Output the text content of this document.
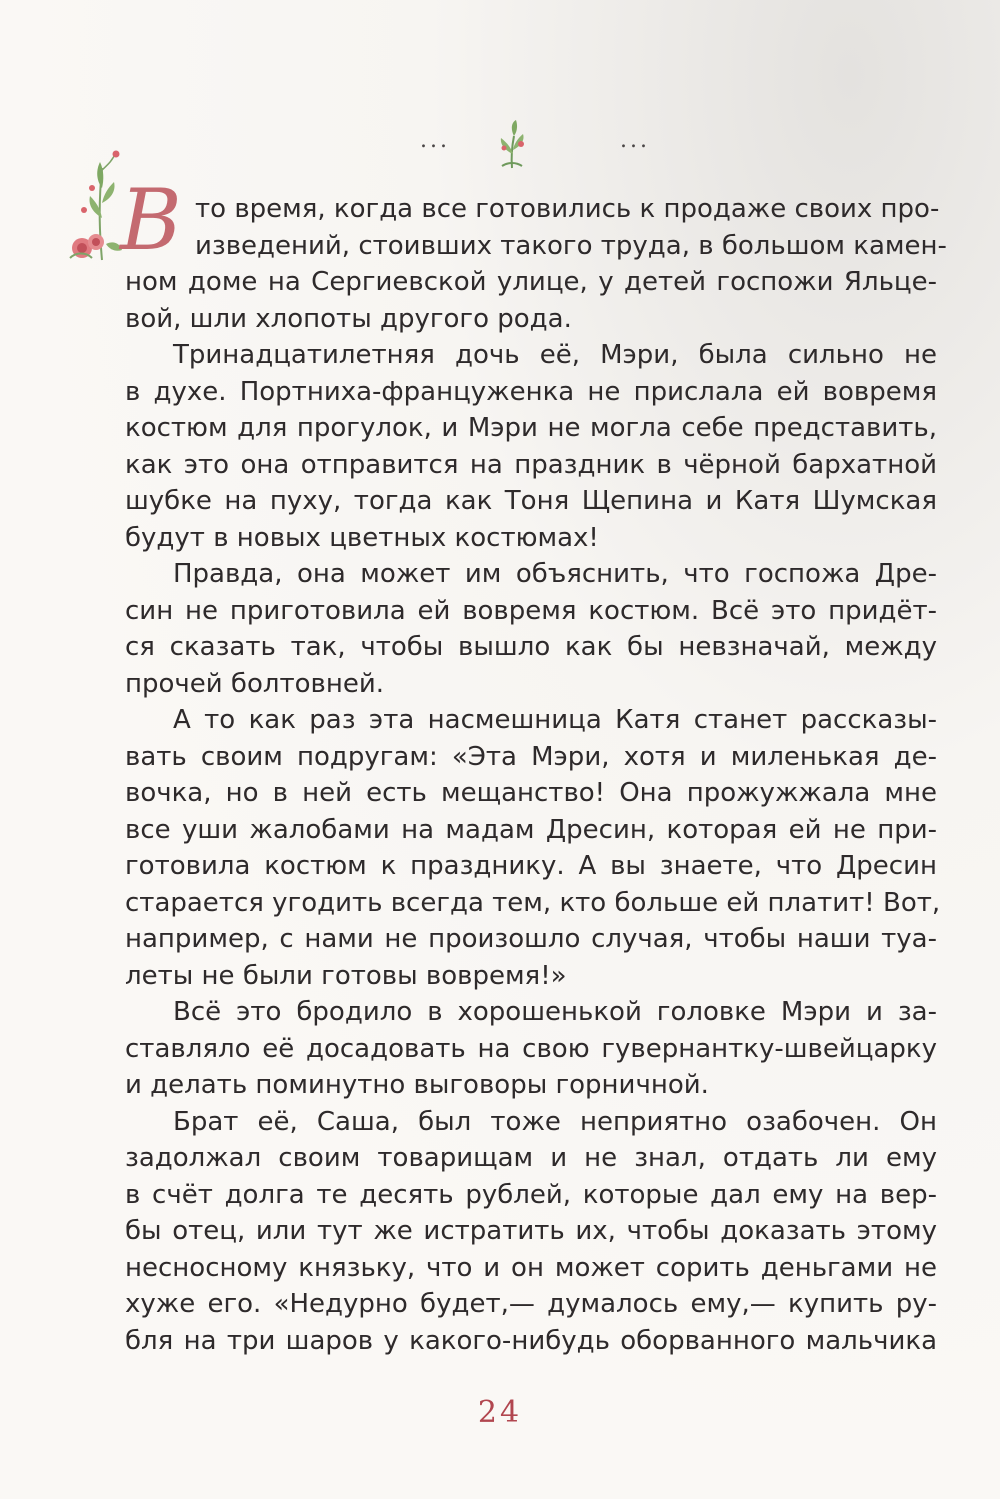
...	...
В то время, когда все готовились к продаже своих про-
изведений, стоивших такого труда, в большом камен-
ном доме на Сергиевской улице, у детей госпожи Яльце-
вой, шли хлопоты другого рода.
Тринадцатилетняя дочь её, Мэри, была сильно не
в духе. Портниха-француженка не прислала ей вовремя
костюм для прогулок, и Мэри не могла себе представить,
как это она отправится на праздник в чёрной бархатной
шубке на пуху, тогда как Тоня Щепина и Катя Шумская
будут в новых цветных костюмах!
Правда, она может им объяснить, что госпожа Дре-
син не приготовила ей вовремя костюм. Всё это придёт-
ся сказать так, чтобы вышло как бы невзначай, между
прочей болтовней.
А то как раз эта насмешница Катя станет рассказы-
вать своим подругам: «Эта Мэри, хотя и миленькая де-
вочка, но в ней есть мещанство! Она прожужжала мне
все уши жалобами на мадам Дресин, которая ей не при-
готовила костюм к празднику. А вы знаете, что Дресин
старается угодить всегда тем, кто больше ей платит! Вот,
например, с нами не произошло случая, чтобы наши туа-
леты не были готовы вовремя!»
Всё это бродило в хорошенькой головке Мэри и за-
ставляло её досадовать на свою гувернантку-швейцарку
и делать поминутно выговоры горничной.
Брат её, Саша, был тоже неприятно озабочен. Он
задолжал своим товарищам и не знал, отдать ли ему
в счёт долга те десять рублей, которые дал ему на вер-
бы отец, или тут же истратить их, чтобы доказать этому
несносному князьку, что и он может сорить деньгами не
хуже его. «Недурно будет,— думалось ему,— купить ру-
бля на три шаров у какого-нибудь оборванного мальчика
24
